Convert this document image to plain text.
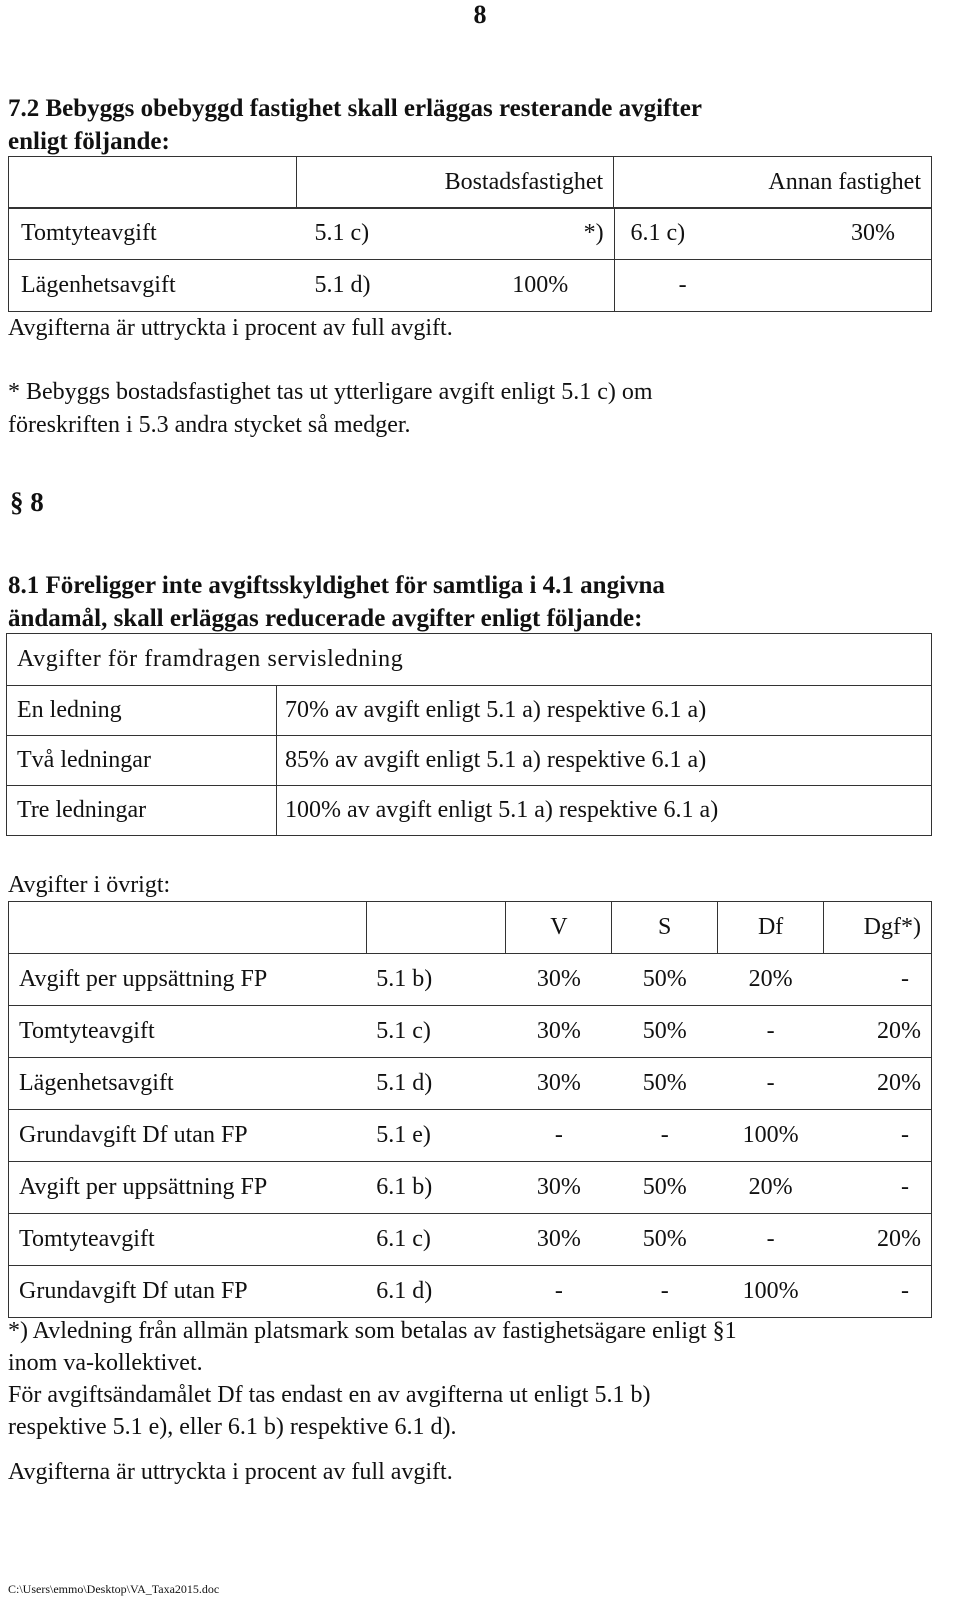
8
7.2 Bebyggs obebyggd fastighet skall erläggas resterande avgifter
enligt följande:
	Bostadsfastighet	Annan fastighet
Tomtyteavgift 5.1 c)	*)	6.1 c) 30%
Lägenhetsavgift 5.1 d)	100%	-
Avgifterna är uttryckta i procent av full avgift.
* Bebyggs bostadsfastighet tas ut ytterligare avgift enligt 5.1 c) om
föreskriften i 5.3 andra stycket så medger.
§ 8
8.1 Föreligger inte avgiftsskyldighet för samtliga i 4.1 angivna
ändamål, skall erläggas reducerade avgifter enligt följande:
Avgifter för framdragen servisledning	
En ledning	70% av avgift enligt 5.1 a) respektive 6.1 a)
Två ledningar	85% av avgift enligt 5.1 a) respektive 6.1 a)
Tre ledningar	100% av avgift enligt 5.1 a) respektive 6.1 a)
Avgifter i övrigt:
		V	S	Df	Dgf*)
Avgift per uppsättning FP	5.1 b)	30%	50%	20%	-
Tomtyteavgift	5.1 c)	30%	50%	-	20%
Lägenhetsavgift	5.1 d)	30%	50%	-	20%
Grundavgift Df utan FP	5.1 e)	-	-	100%	-
Avgift per uppsättning FP	6.1 b)	30%	50%	20%	-
Tomtyteavgift	6.1 c)	30%	50%	-	20%
Grundavgift Df utan FP	6.1 d)	-	-	100%	-
*) Avledning från allmän platsmark som betalas av fastighetsägare enligt §1
inom va-kollektivet.
För avgiftsändamålet Df tas endast en av avgifterna ut enligt 5.1 b)
respektive 5.1 e), eller 6.1 b) respektive 6.1 d).
Avgifterna är uttryckta i procent av full avgift.
C:\Users\emmo\Desktop\VA_Taxa2015.doc
